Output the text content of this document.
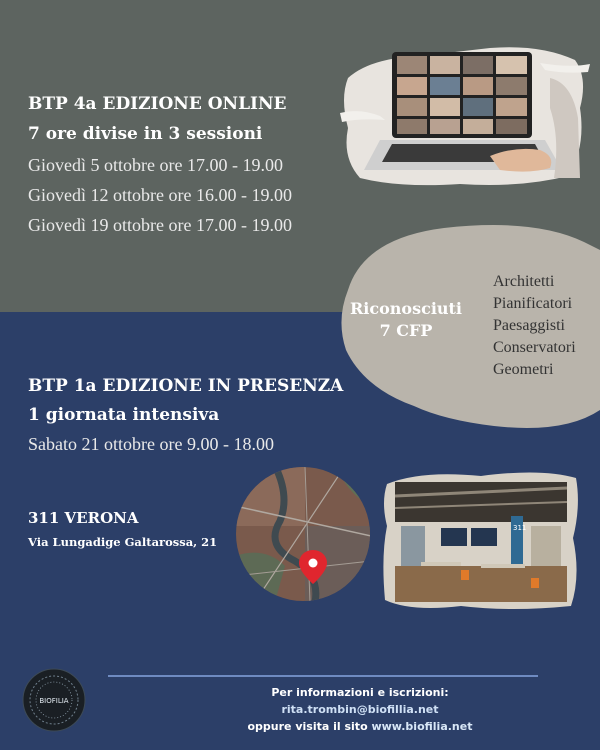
BTP 4a EDIZIONE ONLINE
7 ore divise in 3 sessioni
Giovedì 5 ottobre ore 17.00 - 19.00
Giovedì 12 ottobre ore 16.00 - 19.00
Giovedì 19 ottobre ore 17.00 - 19.00
Riconosciuti
7 CFP
Architetti
Pianificatori
Paesaggisti
Conservatori
Geometri
BTP 1a EDIZIONE IN PRESENZA
1 giornata intensiva
Sabato 21 ottobre ore 9.00 - 18.00
311 VERONA
Via Lungadige Galtarossa, 21
311
BIOFILIA
Per informazioni e iscrizioni:
rita.trombin@biofillia.net
oppure visita il sito www.biofilia.net
